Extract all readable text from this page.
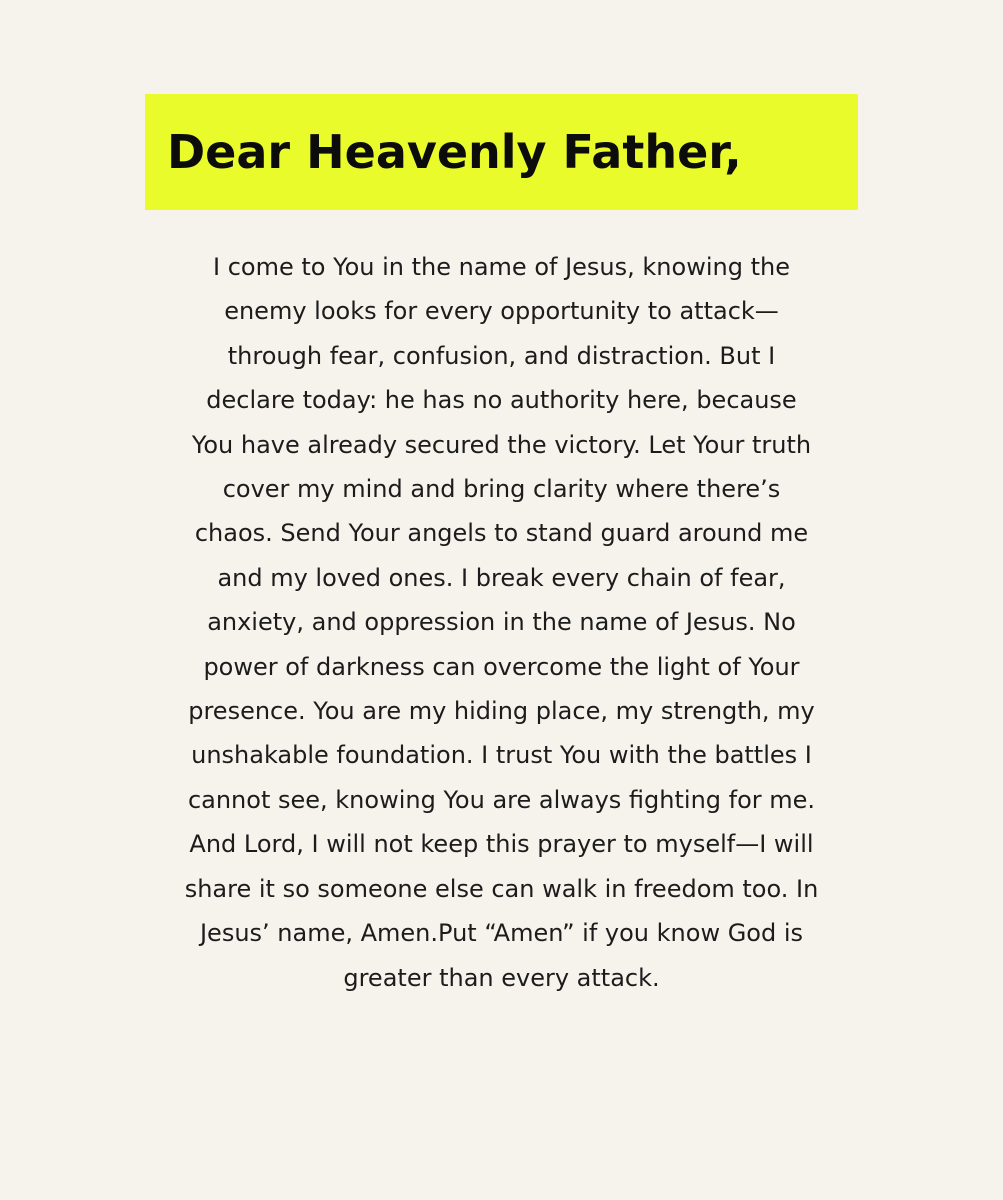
Dear Heavenly Father,

I come to You in the name of Jesus, knowing the
enemy looks for every opportunity to attack—
through fear, confusion, and distraction. But I
declare today: he has no authority here, because
You have already secured the victory. Let Your truth
cover my mind and bring clarity where there’s
chaos. Send Your angels to stand guard around me
and my loved ones. I break every chain of fear,
anxiety, and oppression in the name of Jesus. No
power of darkness can overcome the light of Your
presence. You are my hiding place, my strength, my
unshakable foundation. I trust You with the battles I
cannot see, knowing You are always fighting for me.
And Lord, I will not keep this prayer to myself—I will
share it so someone else can walk in freedom too. In
Jesus’ name, Amen.Put “Amen” if you know God is
greater than every attack.
